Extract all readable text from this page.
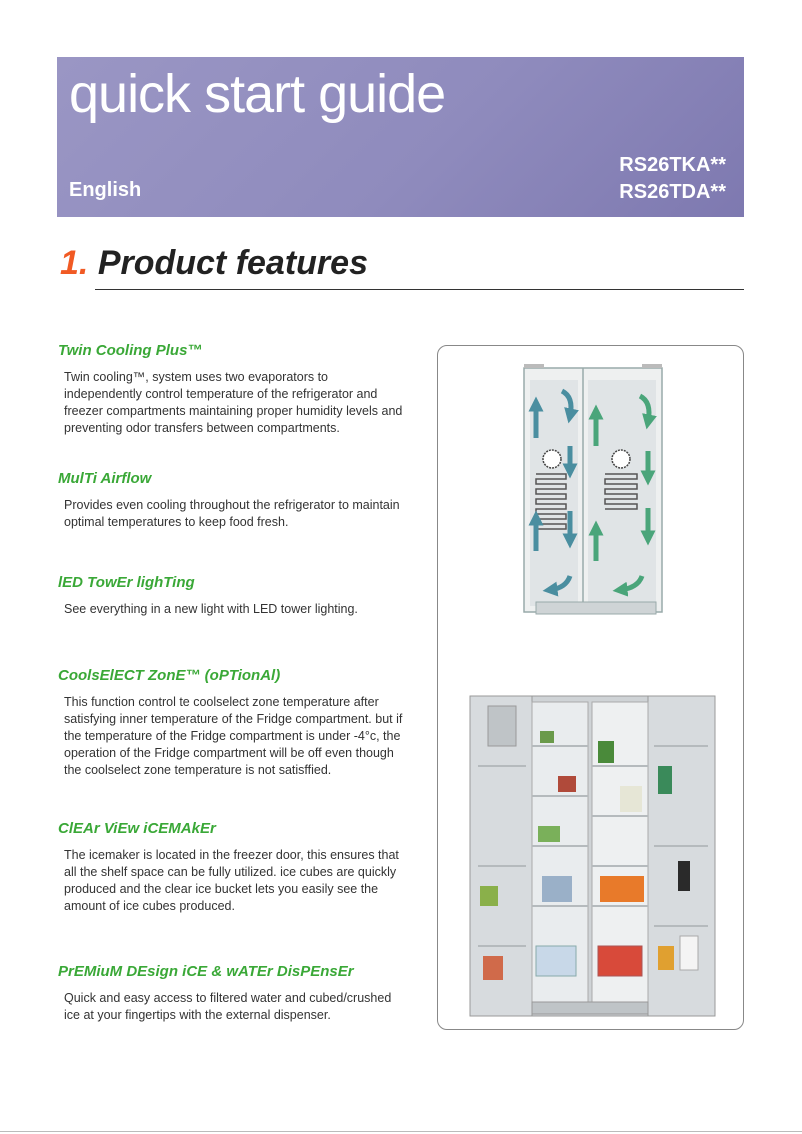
quick start guide
English
RS26TKA**
RS26TDA**
1. Product features
Twin Cooling Plus™

Twin cooling™, system uses two evaporators to independently control temperature of the refrigerator and freezer compartments maintaining proper humidity levels and preventing odor transfers between compartments.

MulTi Airflow

Provides even cooling throughout the refrigerator to maintain optimal temperatures to keep food fresh.

lED TowEr lighTing

See everything in a new light with LED tower lighting.

CoolsElECT ZonE™ (oPTionAl)

This function control te coolselect zone temperature after satisfying inner temperature of the Fridge compartment. but if the temperature of the Fridge compartment is under -4°c, the operation of the Fridge compartment will be off even though the coolselect zone temperature is not satisffied.

ClEAr ViEw iCEMAkEr

The icemaker is located in the freezer door, this ensures that all the shelf space can be fully utilized. ice cubes are quickly produced and the clear ice bucket lets you easily see the amount of ice cubes produced.

PrEMiuM DEsign iCE & wATEr DisPEnsEr

Quick and easy access to filtered water and cubed/crushed ice at your fingertips with the external dispenser.
